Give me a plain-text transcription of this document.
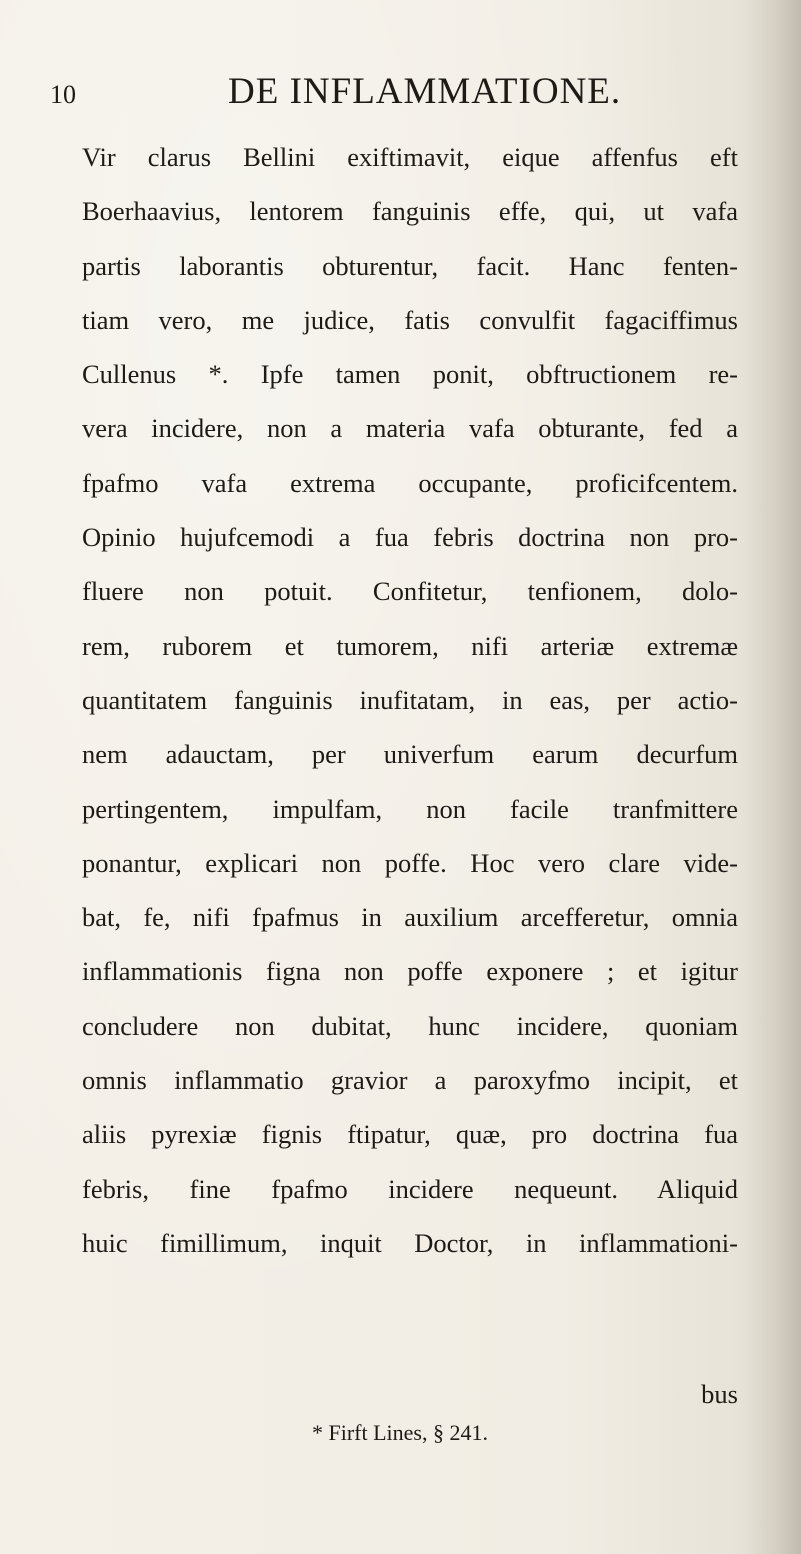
10	DE INFLAMMATIONE.
Vir clarus Bellini exiftimavit, eique affenfus eft
Boerhaavius, lentorem fanguinis effe, qui, ut vafa
partis laborantis obturentur, facit. Hanc fenten-
tiam vero, me judice, fatis convulfit fagaciffimus
Cullenus *. Ipfe tamen ponit, obftructionem re-
vera incidere, non a materia vafa obturante, fed a
fpafmo vafa extrema occupante, proficifcentem.
Opinio hujufcemodi a fua febris doctrina non pro-
fluere non potuit. Confitetur, tenfionem, dolo-
rem, ruborem et tumorem, nifi arteriæ extremæ
quantitatem fanguinis inufitatam, in eas, per actio-
nem adauctam, per univerfum earum decurfum
pertingentem, impulfam, non facile tranfmittere
ponantur, explicari non poffe. Hoc vero clare vide-
bat, fe, nifi fpafmus in auxilium arcefferetur, omnia
inflammationis figna non poffe exponere ; et igitur
concludere non dubitat, hunc incidere, quoniam
omnis inflammatio gravior a paroxyfmo incipit, et
aliis pyrexiæ fignis ftipatur, quæ, pro doctrina fua
febris, fine fpafmo incidere nequeunt. Aliquid
huic fimillimum, inquit Doctor, in inflammationi-
bus
* Firft Lines, § 241.
